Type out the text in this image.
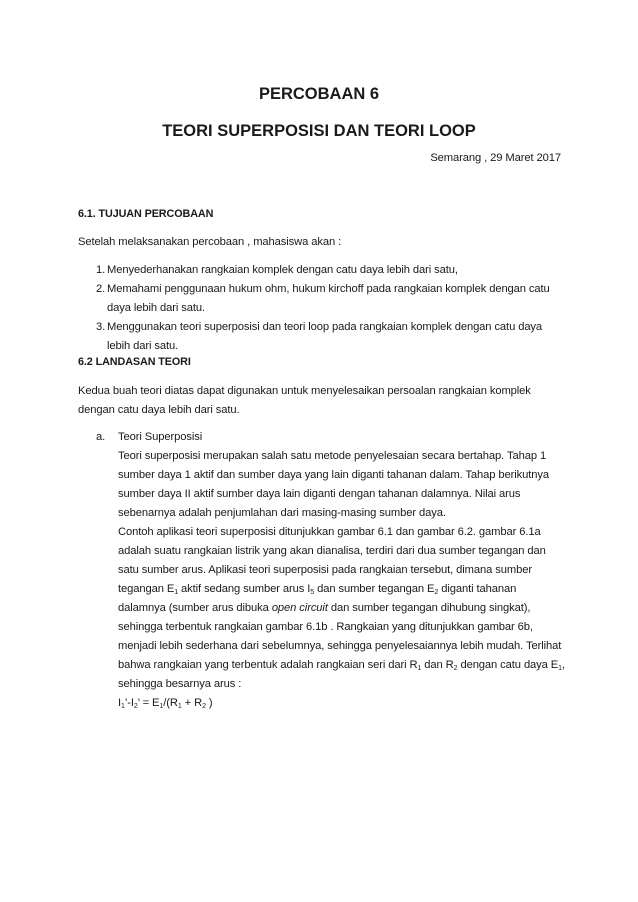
PERCOBAAN 6
TEORI SUPERPOSISI DAN TEORI LOOP
Semarang , 29 Maret 2017
6.1. TUJUAN PERCOBAAN
Setelah melaksanakan percobaan , mahasiswa akan :
1. Menyederhanakan rangkaian komplek dengan catu daya lebih dari satu,
2. Memahami penggunaan hukum ohm, hukum kirchoff pada rangkaian komplek dengan catu daya lebih dari satu.
3. Menggunakan teori superposisi dan teori loop pada rangkaian komplek dengan catu daya lebih dari satu.
6.2 LANDASAN TEORI
Kedua buah teori diatas dapat digunakan untuk menyelesaikan persoalan rangkaian komplek dengan catu daya lebih dari satu.
a. Teori Superposisi
Teori superposisi merupakan salah satu metode penyelesaian secara bertahap. Tahap 1 sumber daya 1 aktif dan sumber daya yang lain diganti tahanan dalam. Tahap berikutnya sumber daya II aktif sumber daya lain diganti dengan tahanan dalamnya. Nilai arus sebenarnya adalah penjumlahan dari masing-masing sumber daya.
Contoh aplikasi teori superposisi ditunjukkan gambar 6.1 dan gambar 6.2. gambar 6.1a adalah suatu rangkaian listrik yang akan dianalisa, terdiri dari dua sumber tegangan dan satu sumber arus. Aplikasi teori superposisi pada rangkaian tersebut, dimana sumber tegangan $E_1$ aktif sedang sumber arus $I_5$ dan sumber tegangan $E_2$ diganti tahanan dalamnya (sumber arus dibuka open circuit dan sumber tegangan dihubung singkat), sehingga terbentuk rangkaian gambar 6.1b . Rangkaian yang ditunjukkan gambar 6b, menjadi lebih sederhana dari sebelumnya, sehingga penyelesaiannya lebih mudah. Terlihat bahwa rangkaian yang terbentuk adalah rangkaian seri dari $R_1$ dan $R_2$ dengan catu daya $E_1$, sehingga besarnya arus :
$I_1’-I_2$’ = $E_1/(R_1 + R_2$ )
